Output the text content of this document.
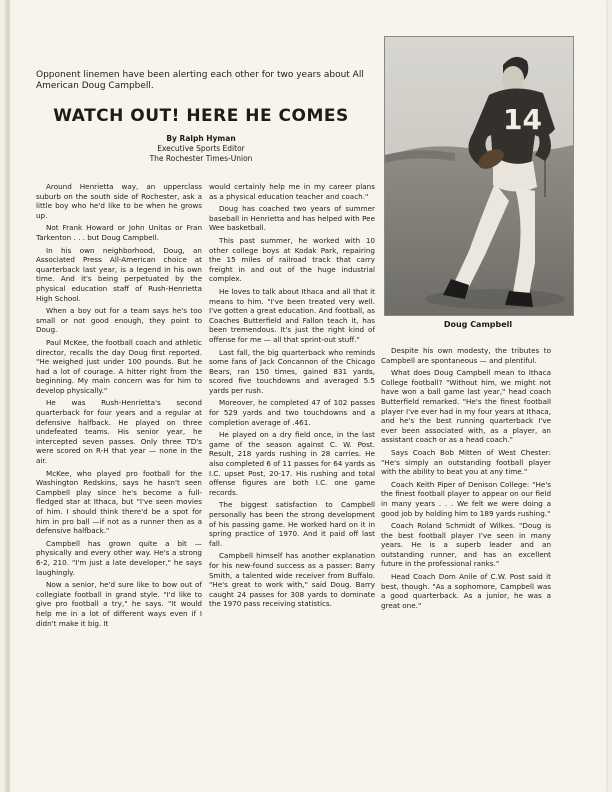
Opponent linemen have been alerting each other for two years about All American Doug Campbell.
WATCH OUT! HERE HE COMES
By Ralph Hyman
Executive Sports Editor
The Rochester Times-Union

Around Henrietta way, an upperclass suburb on the south side of Rochester, ask a little boy who he'd like to be when he grows up.

Not Frank Howard or John Unitas or Fran Tarkenton . . . but Doug Campbell.

In his own neighborhood, Doug, an Associated Press All-American choice at quarterback last year, is a legend in his own time. And it's being perpetuated by the physical education staff of Rush-Henrietta High School.

When a boy out for a team says he's too small or not good enough, they point to Doug.

Paul McKee, the football coach and athletic director, recalls the day Doug first reported. "He weighed just under 100 pounds. But he had a lot of courage. A hitter right from the beginning. My main concern was for him to develop physically."

He was Rush-Henrietta's second quarterback for four years and a regular at defensive halfback. He played on three undefeated teams. His senior year, he intercepted seven passes. Only three TD's were scored on R-H that year — none in the air.

McKee, who played pro football for the Washington Redskins, says he hasn't seen Campbell play since he's become a full-fledged star at Ithaca, but "I've seen movies of him. I should think there'd be a spot for him in pro ball —if not as a runner then as a defensive halfback."

Campbell has grown quite a bit —physically and every other way. He's a strong 6-2, 210. "I'm just a late developer," he says laughingly.

Now a senior, he'd sure like to bow out of collegiate football in grand style. "I'd like to give pro football a try," he says. "It would help me in a lot of different ways even if I didn't make it big. It

would certainly help me in my career plans as a physical education teacher and coach."

Doug has coached two years of summer baseball in Henrietta and has helped with Pee Wee basketball.

This past summer, he worked with 10 other college boys at Kodak Park, repairing the 15 miles of railroad track that carry freight in and out of the huge industrial complex.

He loves to talk about Ithaca and all that it means to him. "I've been treated very well. I've gotten a great education. And football, as Coaches Butterfield and Fallon teach it, has been tremendous. It's just the right kind of offense for me — all that sprint-out stuff."

Last fall, the big quarterback who reminds some fans of Jack Concannon of the Chicago Bears, ran 150 times, gained 831 yards, scored five touchdowns and averaged 5.5 yards per rush.

Moreover, he completed 47 of 102 passes for 529 yards and two touchdowns and a completion average of .461.

He played on a dry field once, in the last game of the season against C. W. Post. Result, 218 yards rushing in 28 carries. He also completed 6 of 11 passes for 64 yards as I.C. upset Post, 20-17. His rushing and total offense figures are both I.C. one game records.

The biggest satisfaction to Campbell personally has been the strong development of his passing game. He worked hard on it in spring practice of 1970. And it paid off last fall.

Campbell himself has another explanation for his new-found success as a passer: Barry Smith, a talented wide receiver from Buffalo. "He's great to work with," said Doug. Barry caught 24 passes for 308 yards to dominate the 1970 pass receiving statistics.

14
Doug Campbell

Despite his own modesty, the tributes to Campbell are spontaneous — and plentiful.

What does Doug Campbell mean to Ithaca College football? "Without him, we might not have won a ball game last year," head coach Butterfield remarked. "He's the finest football player I've ever had in my four years at Ithaca, and he's the best running quarterback I've ever been associated with, as a player, an assistant coach or as a head coach."

Says Coach Bob Mitten of West Chester: "He's simply an outstanding football player with the ability to beat you at any time."

Coach Keith Piper of Denison College: "He's the finest football player to appear on our field in many years . . . We felt we were doing a good job by holding him to 189 yards rushing."

Coach Roland Schmidt of Wilkes. "Doug is the best football player I've seen in many years. He is a superb leader and an outstanding runner, and has an excellent future in the professional ranks."

Head Coach Dom Anile of C.W. Post said it best, though. "As a sophomore, Campbell was a good quarterback. As a junior, he was a great one."
